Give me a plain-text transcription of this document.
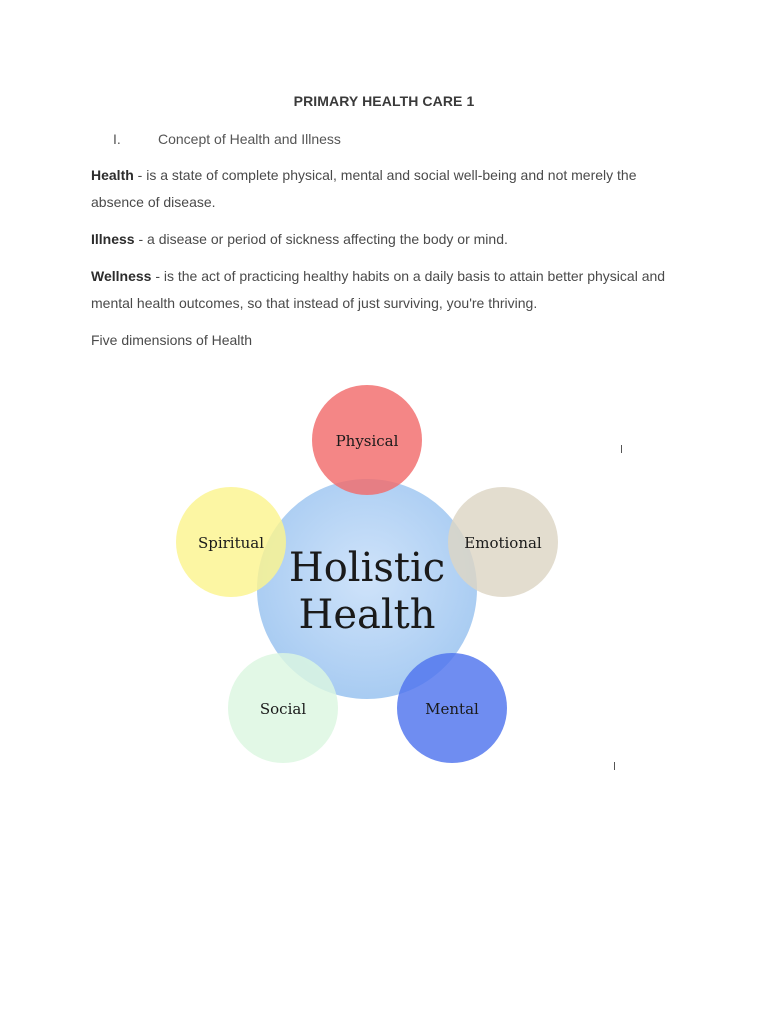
PRIMARY HEALTH CARE 1
I.	Concept of Health and Illness
Health - is a state of complete physical, mental and social well-being and not merely the absence of disease.
Illness - a disease or period of sickness affecting the body or mind.
Wellness - is the act of practicing healthy habits on a daily basis to attain better physical and mental health outcomes, so that instead of just surviving, you're thriving.
Five dimensions of Health
Holistic
Health
Physical
Emotional
Mental
Social
Spiritual
